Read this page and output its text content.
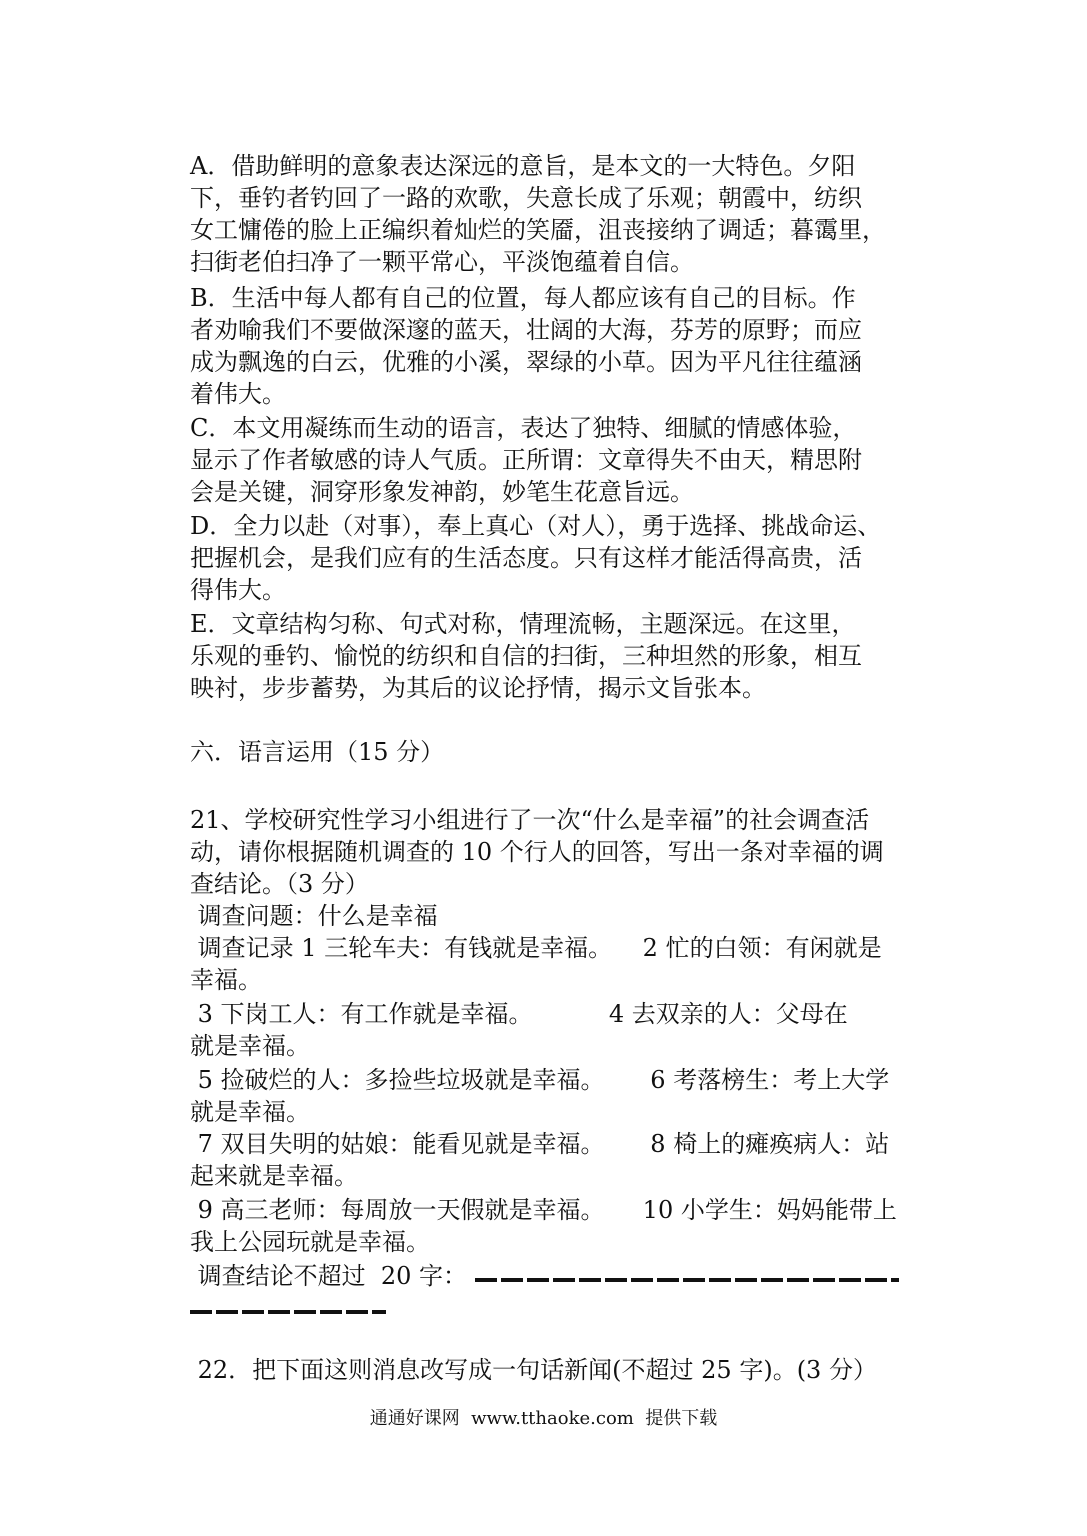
A．借助鲜明的意象表达深远的意旨，是本文的一大特色。夕阳
下，垂钓者钓回了一路的欢歌，失意长成了乐观；朝霞中，纺织
女工慵倦的脸上正编织着灿烂的笑靥，沮丧接纳了调适；暮霭里，
扫街老伯扫净了一颗平常心，平淡饱蕴着自信。
B．生活中每人都有自己的位置，每人都应该有自己的目标。作
者劝喻我们不要做深邃的蓝天，壮阔的大海，芬芳的原野；而应
成为飘逸的白云，优雅的小溪，翠绿的小草。因为平凡往往蕴涵
着伟大。
C．本文用凝练而生动的语言，表达了独特、细腻的情感体验，
显示了作者敏感的诗人气质。正所谓：文章得失不由天，精思附
会是关键，洞穿形象发神韵，妙笔生花意旨远。
D．全力以赴（对事），奉上真心（对人），勇于选择、挑战命运、
把握机会，是我们应有的生活态度。只有这样才能活得高贵，活
得伟大。
E．文章结构匀称、句式对称，情理流畅，主题深远。在这里，
乐观的垂钓、愉悦的纺织和自信的扫街，三种坦然的形象，相互
映衬，步步蓄势，为其后的议论抒情，揭示文旨张本。
六．语言运用（15 分）
21、学校研究性学习小组进行了一次“什么是幸福”的社会调查活
动，请你根据随机调查的 10 个行人的回答，写出一条对幸福的调
查结论。（3 分）
调查问题：什么是幸福
调查记录 1 三轮车夫：有钱就是幸福。    2 忙的白领：有闲就是
幸福。
3 下岗工人：有工作就是幸福。          4 去双亲的人：父母在
就是幸福。
5 捡破烂的人：多捡些垃圾就是幸福。      6 考落榜生：考上大学
就是幸福。
7 双目失明的姑娘：能看见就是幸福。      8 椅上的瘫痪病人：站
起来就是幸福。
9 高三老师：每周放一天假就是幸福。     10 小学生：妈妈能带上
我上公园玩就是幸福。
调查结论不超过  20 字：
22．把下面这则消息改写成一句话新闻(不超过 25 字)。(3 分）
通通好课网  www.tthaoke.com  提供下载
